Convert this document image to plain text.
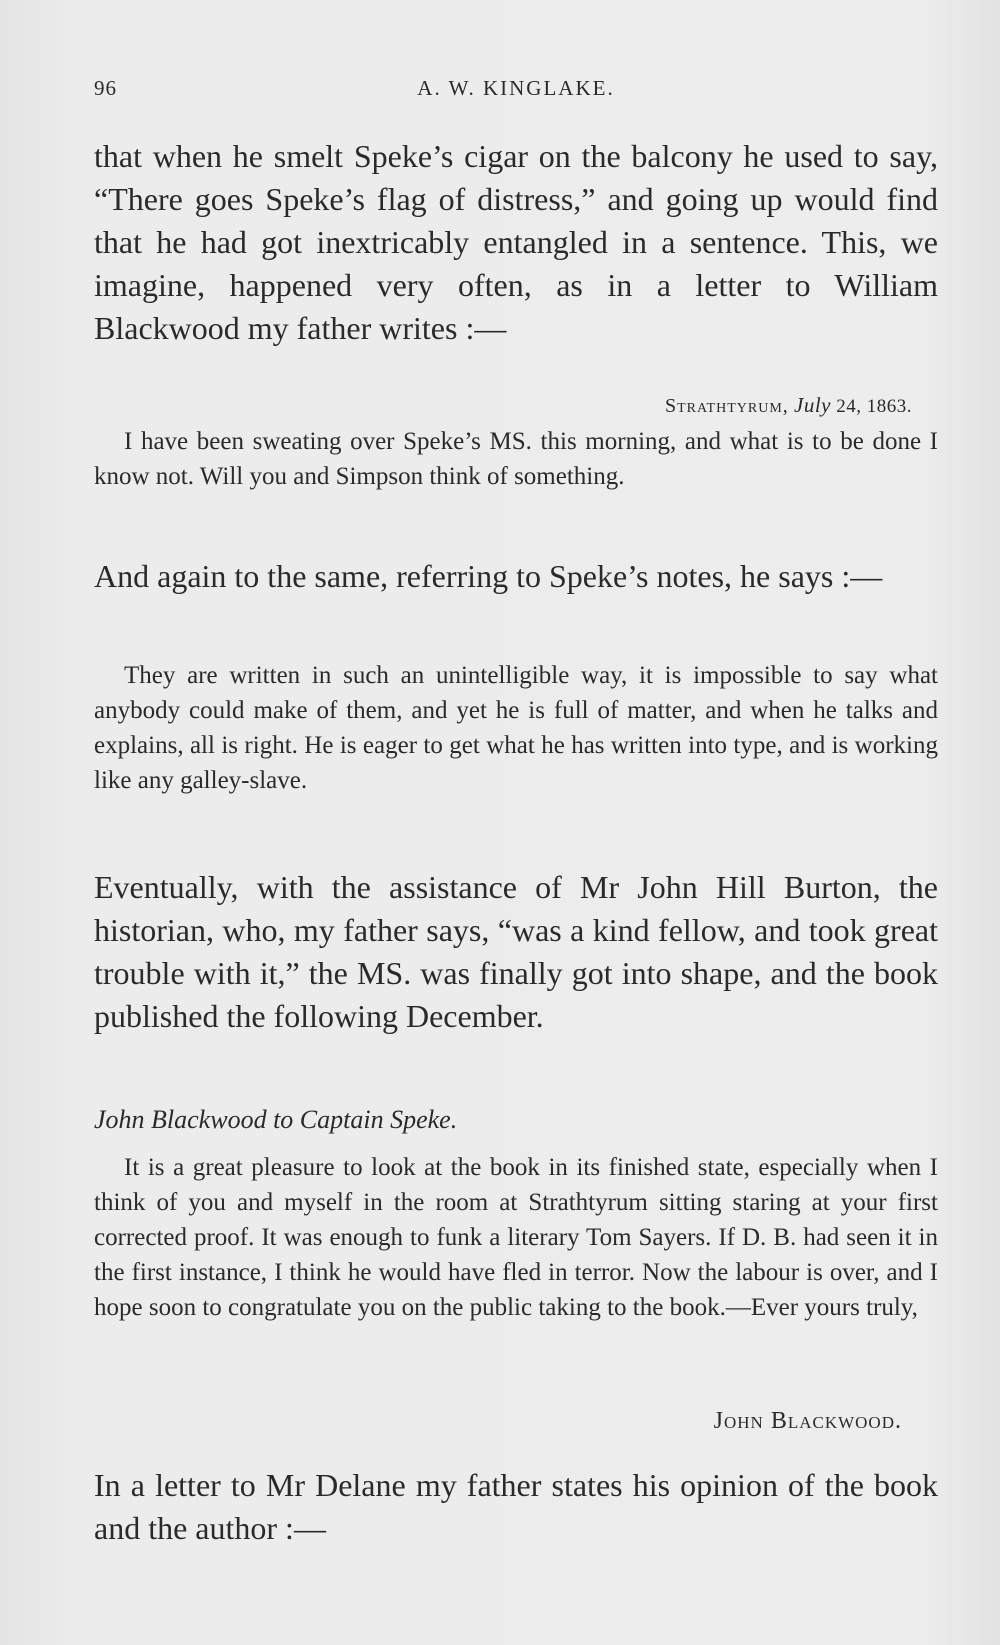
96	A. W. KINGLAKE.

that when he smelt Speke’s cigar on the balcony he used to say, “There goes Speke’s flag of distress,” and going up would find that he had got inextricably entangled in a sentence. This, we imagine, happened very often, as in a letter to William Blackwood my father writes :—

Strathtyrum, July 24, 1863.

I have been sweating over Speke’s MS. this morning, and what is to be done I know not. Will you and Simpson think of something.

And again to the same, referring to Speke’s notes, he says :—

They are written in such an unintelligible way, it is impossible to say what anybody could make of them, and yet he is full of matter, and when he talks and explains, all is right. He is eager to get what he has written into type, and is working like any galley-slave.

Eventually, with the assistance of Mr John Hill Burton, the historian, who, my father says, “was a kind fellow, and took great trouble with it,” the MS. was finally got into shape, and the book published the following December.

John Blackwood to Captain Speke.

It is a great pleasure to look at the book in its finished state, especially when I think of you and myself in the room at Strathtyrum sitting staring at your first corrected proof. It was enough to funk a literary Tom Sayers. If D. B. had seen it in the first instance, I think he would have fled in terror. Now the labour is over, and I hope soon to congratulate you on the public taking to the book.—Ever yours truly,

John Blackwood.

In a letter to Mr Delane my father states his opinion of the book and the author :—
